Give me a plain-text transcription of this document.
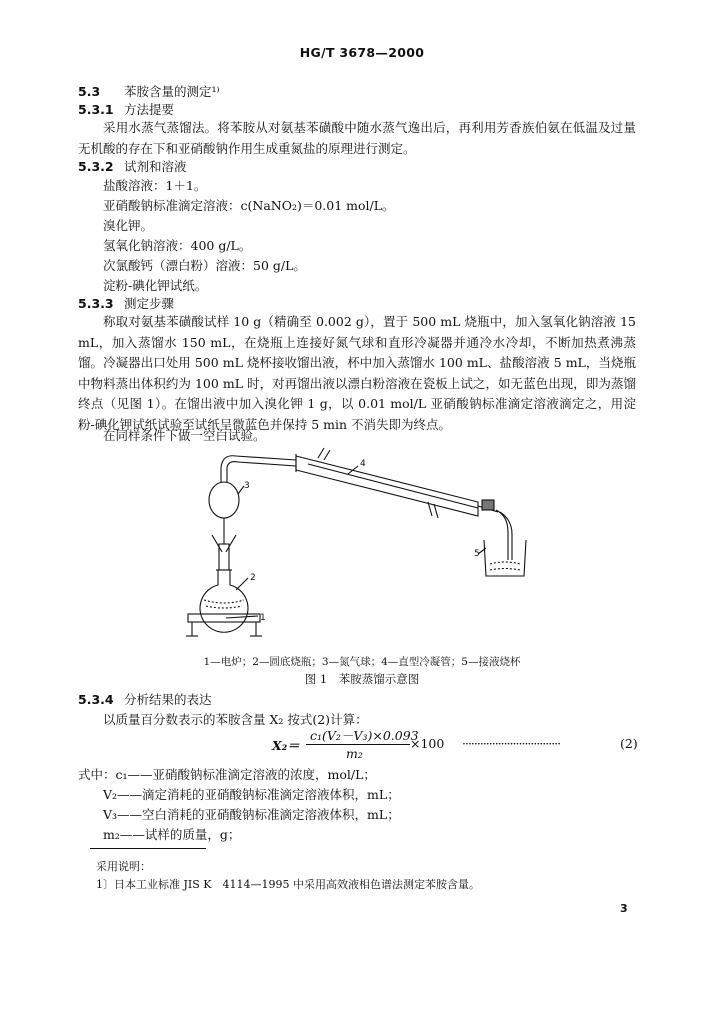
HG/T 3678—2000
5.3 苯胺含量的测定¹⁾
5.3.1 方法提要
采用水蒸气蒸馏法。将苯胺从对氨基苯磺酸中随水蒸气逸出后，再利用芳香族伯氨在低温及过量无机酸的存在下和亚硝酸钠作用生成重氮盐的原理进行测定。
5.3.2 试剂和溶液
盐酸溶液：1＋1。
亚硝酸钠标准滴定溶液：c(NaNO₂)＝0.01 mol/L。
溴化钾。
氢氧化钠溶液：400 g/L。
次氯酸钙（漂白粉）溶液：50 g/L。
淀粉-碘化钾试纸。
5.3.3 测定步骤
称取对氨基苯磺酸试样 10 g（精确至 0.002 g），置于 500 mL 烧瓶中，加入氢氧化钠溶液 15 mL，加入蒸馏水 150 mL，在烧瓶上连接好氮气球和直形冷凝器并通冷水冷却，不断加热煮沸蒸馏。冷凝器出口处用 500 mL 烧杯接收馏出液，杯中加入蒸馏水 100 mL、盐酸溶液 5 mL，当烧瓶中物料蒸出体积约为 100 mL 时，对再馏出液以漂白粉溶液在瓷板上试之，如无蓝色出现，即为蒸馏终点（见图 1）。在馏出液中加入溴化钾 1 g，以 0.01 mol/L 亚硝酸钠标准滴定溶液滴定之，用淀粉-碘化钾试纸试验至试纸呈微蓝色并保持 5 min 不消失即为终点。
在同样条件下做一空白试验。
1
2
3
4
5
1—电炉；2—圆底烧瓶；3—氮气球；4—直型冷凝管；5—接液烧杯
图 1　苯胺蒸馏示意图
5.3.4 分析结果的表达
以质量百分数表示的苯胺含量 X₂ 按式(2)计算：
X₂＝
c₁(V₂－V₃)×0.093
m₂
×100 ·································	(2)
式中：c₁——亚硝酸钠标准滴定溶液的浓度，mol/L；
V₂——滴定消耗的亚硝酸钠标准滴定溶液体积，mL；
V₃——空白消耗的亚硝酸钠标准滴定溶液体积，mL；
m₂——试样的质量，g；
采用说明：
1〕日本工业标准 JIS K　4114—1995 中采用高效液相色谱法测定苯胺含量。
3
